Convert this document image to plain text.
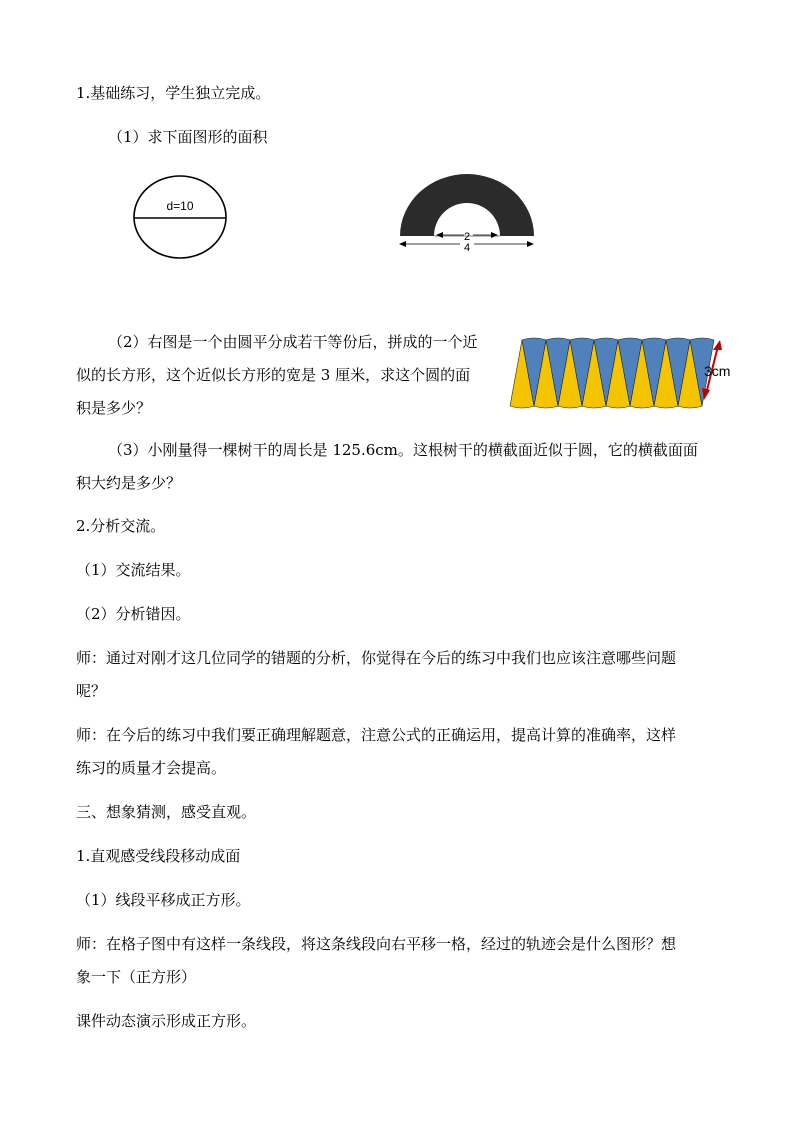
1.基础练习，学生独立完成。

（1）求下面图形的面积

d=10
2
4

（2）右图是一个由圆平分成若干等份后，拼成的一个近

似的长方形，这个近似长方形的宽是 3 厘米，求这个圆的面

积是多少？

3cm

（3）小刚量得一棵树干的周长是 125.6cm。这根树干的横截面近似于圆，它的横截面面

积大约是多少？

2.分析交流。

（1）交流结果。

（2）分析错因。

师：通过对刚才这几位同学的错题的分析，你觉得在今后的练习中我们也应该注意哪些问题

呢？

师：在今后的练习中我们要正确理解题意，注意公式的正确运用，提高计算的准确率，这样

练习的质量才会提高。

三、想象猜测，感受直观。

1.直观感受线段移动成面

（1）线段平移成正方形。

师：在格子图中有这样一条线段，将这条线段向右平移一格，经过的轨迹会是什么图形？想

象一下（正方形）

课件动态演示形成正方形。
